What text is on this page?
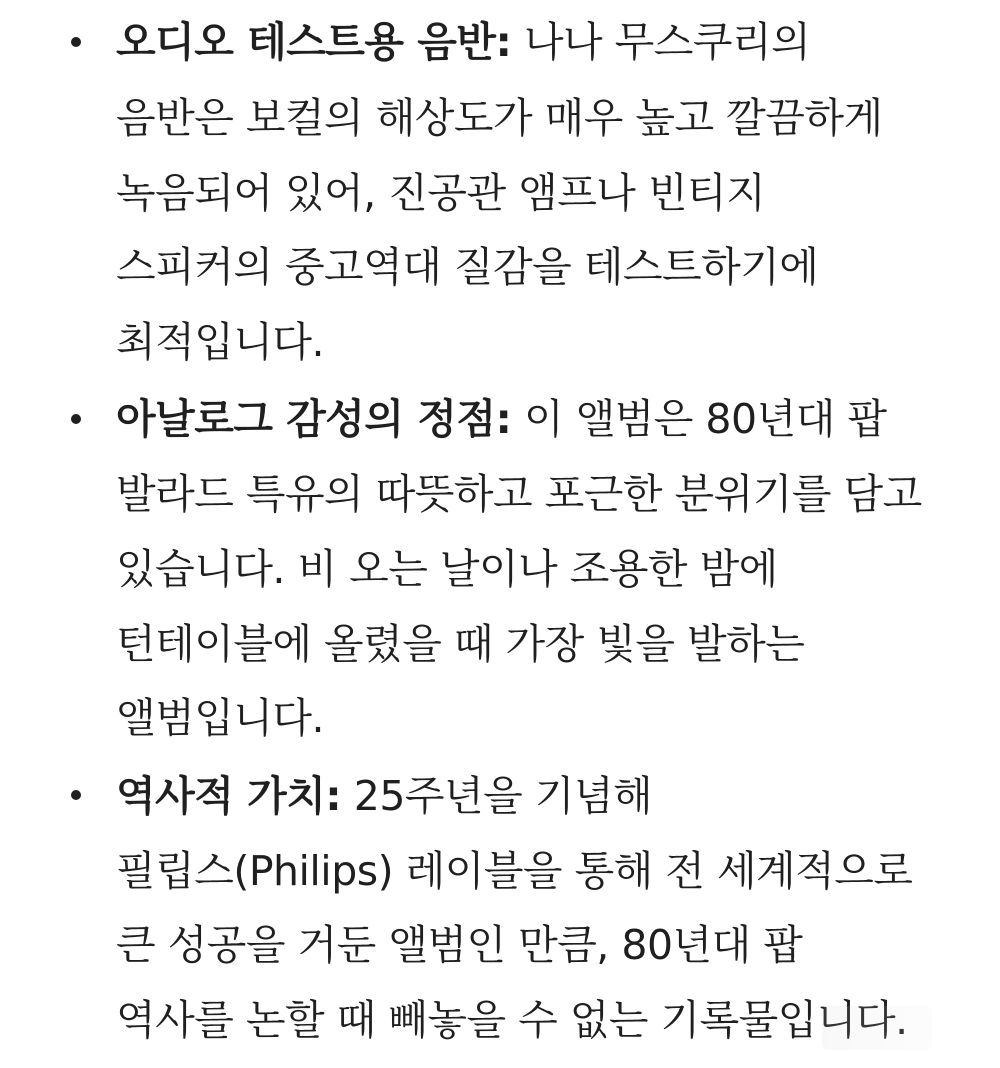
오디오 테스트용 음반: 나나 무스쿠리의
음반은 보컬의 해상도가 매우 높고 깔끔하게
녹음되어 있어, 진공관 앰프나 빈티지
스피커의 중고역대 질감을 테스트하기에
최적입니다.
아날로그 감성의 정점: 이 앨범은 80년대 팝
발라드 특유의 따뜻하고 포근한 분위기를 담고
있습니다. 비 오는 날이나 조용한 밤에
턴테이블에 올렸을 때 가장 빛을 발하는
앨범입니다.
역사적 가치: 25주년을 기념해
필립스(Philips) 레이블을 통해 전 세계적으로
큰 성공을 거둔 앨범인 만큼, 80년대 팝
역사를 논할 때 빼놓을 수 없는 기록물입니다.
